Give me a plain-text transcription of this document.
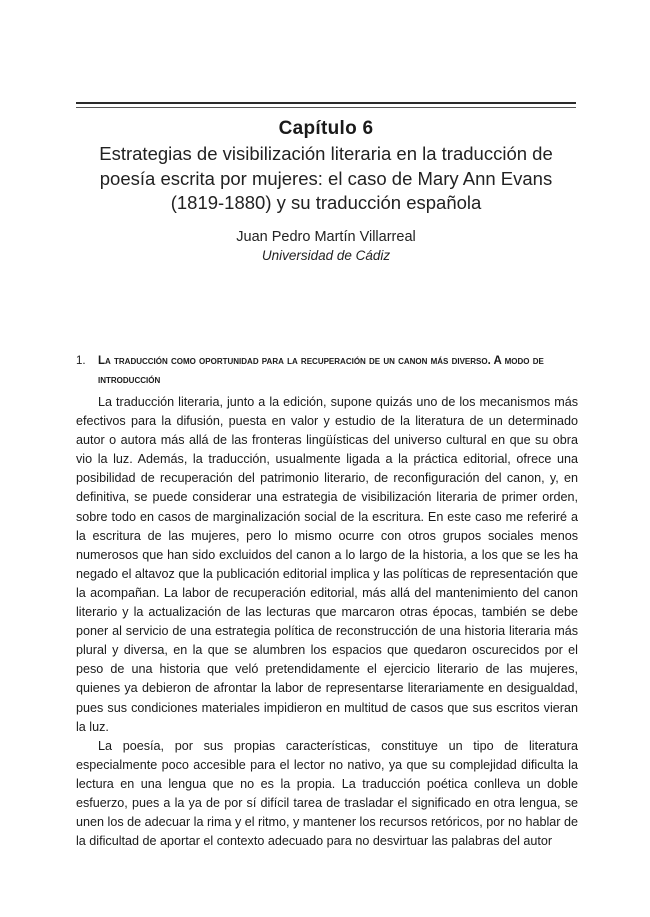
Capítulo 6
Estrategias de visibilización literaria en la traducción de poesía escrita por mujeres: el caso de Mary Ann Evans (1819-1880) y su traducción española
Juan Pedro Martín Villarreal
Universidad de Cádiz
1. La traducción como oportunidad para la recuperación de un canon más diverso. A modo de introducción

La traducción literaria, junto a la edición, supone quizás uno de los mecanismos más efectivos para la difusión, puesta en valor y estudio de la literatura de un determinado autor o autora más allá de las fronteras lingüísticas del universo cultural en que su obra vio la luz. Además, la traducción, usualmente ligada a la práctica editorial, ofrece una posibilidad de recuperación del patrimonio literario, de reconfiguración del canon, y, en definitiva, se puede considerar una estrategia de visibilización literaria de primer orden, sobre todo en casos de marginalización social de la escritura. En este caso me referiré a la escritura de las mujeres, pero lo mismo ocurre con otros grupos sociales menos numerosos que han sido excluidos del canon a lo largo de la historia, a los que se les ha negado el altavoz que la publicación editorial implica y las políticas de representación que la acompañan. La labor de recuperación editorial, más allá del mantenimiento del canon literario y la actualización de las lecturas que marcaron otras épocas, también se debe poner al servicio de una estrategia política de reconstrucción de una historia literaria más plural y diversa, en la que se alumbren los espacios que quedaron oscurecidos por el peso de una historia que veló pretendidamente el ejercicio literario de las mujeres, quienes ya debieron de afrontar la labor de representarse literariamente en desigualdad, pues sus condiciones materiales impidieron en multitud de casos que sus escritos vieran la luz.

La poesía, por sus propias características, constituye un tipo de literatura especialmente poco accesible para el lector no nativo, ya que su complejidad dificulta la lectura en una lengua que no es la propia. La traducción poética conlleva un doble esfuerzo, pues a la ya de por sí difícil tarea de trasladar el significado en otra lengua, se unen los de adecuar la rima y el ritmo, y mantener los recursos retóricos, por no hablar de la dificultad de aportar el contexto adecuado para no desvirtuar las palabras del autor
